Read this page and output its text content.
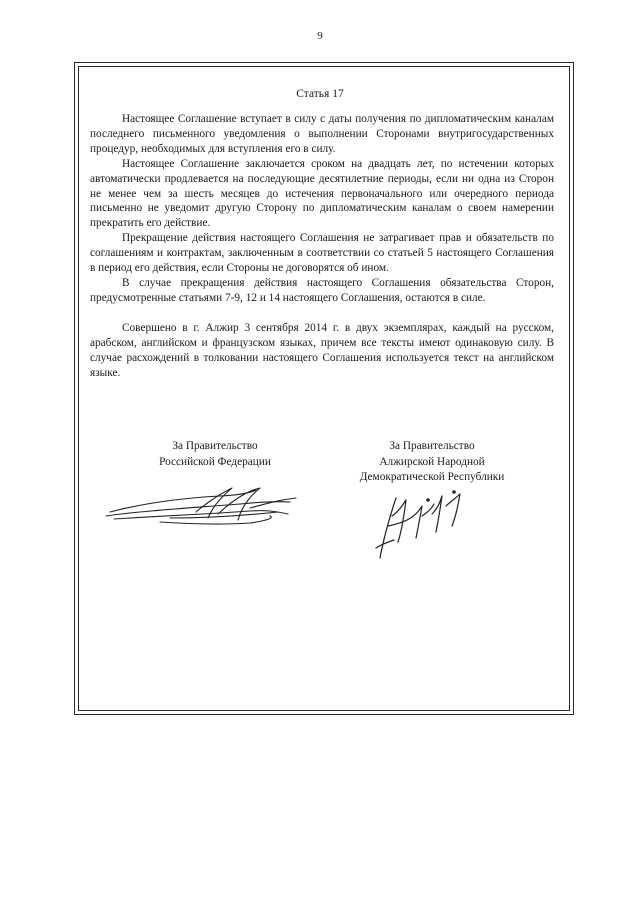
9
Статья 17

Настоящее Соглашение вступает в силу с даты получения по дипломатическим каналам последнего письменного уведомления о выполнении Сторонами внутригосударственных процедур, необходимых для вступления его в силу.

Настоящее Соглашение заключается сроком на двадцать лет, по истечении которых автоматически продлевается на последующие десятилетние периоды, если ни одна из Сторон не менее чем за шесть месяцев до истечения первоначального или очередного периода письменно не уведомит другую Сторону по дипломатическим каналам о своем намерении прекратить его действие.

Прекращение действия настоящего Соглашения не затрагивает прав и обязательств по соглашениям и контрактам, заключенным в соответствии со статьей 5 настоящего Соглашения в период его действия, если Стороны не договорятся об ином.

В случае прекращения действия настоящего Соглашения обязательства Сторон, предусмотренные статьями 7-9, 12 и 14 настоящего Соглашения, остаются в силе.

Совершено в г. Алжир 3 сентября 2014 г. в двух экземплярах, каждый на русском, арабском, английском и французском языках, причем все тексты имеют одинаковую силу. В случае расхождений в толковании настоящего Соглашения используется текст на английском языке.

За Правительство
Российской Федерации
За Правительство
Алжирской Народной
Демократической Республики
